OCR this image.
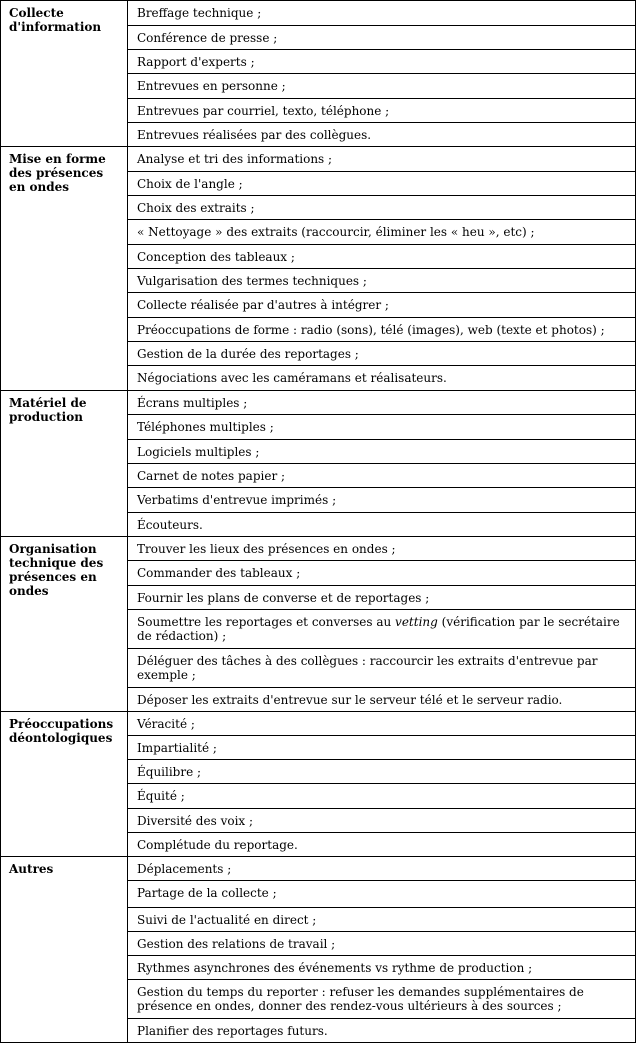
Collecte d'information	Breffage technique ;
	Conférence de presse ;
	Rapport d'experts ;
	Entrevues en personne ;
	Entrevues par courriel, texto, téléphone ;
	Entrevues réalisées par des collègues.
Mise en forme des présences en ondes	Analyse et tri des informations ;
	Choix de l'angle ;
	Choix des extraits ;
	« Nettoyage » des extraits (raccourcir, éliminer les « heu », etc) ;
	Conception des tableaux ;
	Vulgarisation des termes techniques ;
	Collecte réalisée par d'autres à intégrer ;
	Préoccupations de forme : radio (sons), télé (images), web (texte et photos) ;
	Gestion de la durée des reportages ;
	Négociations avec les caméramans et réalisateurs.
Matériel de production	Écrans multiples ;
	Téléphones multiples ;
	Logiciels multiples ;
	Carnet de notes papier ;
	Verbatims d'entrevue imprimés ;
	Écouteurs.
Organisation technique des présences en ondes	Trouver les lieux des présences en ondes ;
	Commander des tableaux ;
	Fournir les plans de converse et de reportages ;
	Soumettre les reportages et converses au vetting (vérification par le secrétaire de rédaction) ;
	Déléguer des tâches à des collègues : raccourcir les extraits d'entrevue par exemple ;
	Déposer les extraits d'entrevue sur le serveur télé et le serveur radio.
Préoccupations déontologiques	Véracité ;
	Impartialité ;
	Équilibre ;
	Équité ;
	Diversité des voix ;
	Complétude du reportage.
Autres	Déplacements ;
	Partage de la collecte ;
	Suivi de l'actualité en direct ;
	Gestion des relations de travail ;
	Rythmes asynchrones des événements vs rythme de production ;
	Gestion du temps du reporter : refuser les demandes supplémentaires de présence en ondes, donner des rendez-vous ultérieurs à des sources ;
	Planifier des reportages futurs.
